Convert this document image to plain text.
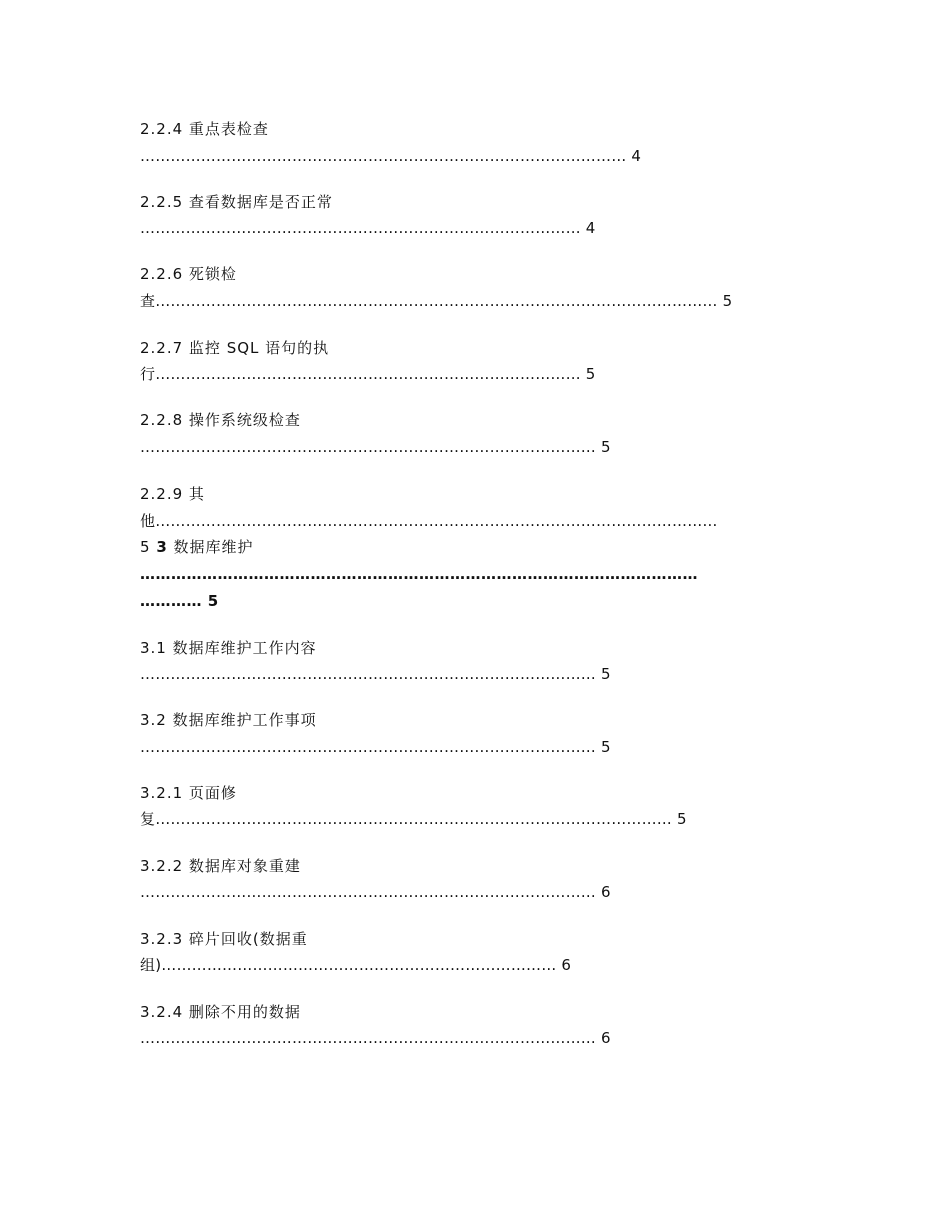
2.2.4 重点表检查
…………………………………………………………………………………… 4
2.2.5 查看数据库是否正常
…………………………………………………………………………… 4
2.2.6 死锁检
查………………………………………………………………………………………………… 5
2.2.7 监控 SQL 语句的执
行………………………………………………………………………… 5
2.2.8 操作系统级检查
……………………………………………………………………………… 5
2.2.9 其
他…………………………………………………………………………………………………
5 3 数据库维护
………………………………………………………………………………………………
………… 5
3.1 数据库维护工作内容
……………………………………………………………………………… 5
3.2 数据库维护工作事项
……………………………………………………………………………… 5
3.2.1 页面修
复………………………………………………………………………………………… 5
3.2.2 数据库对象重建
……………………………………………………………………………… 6
3.2.3 碎片回收(数据重
组)…………………………………………………………………… 6
3.2.4 删除不用的数据
……………………………………………………………………………… 6
